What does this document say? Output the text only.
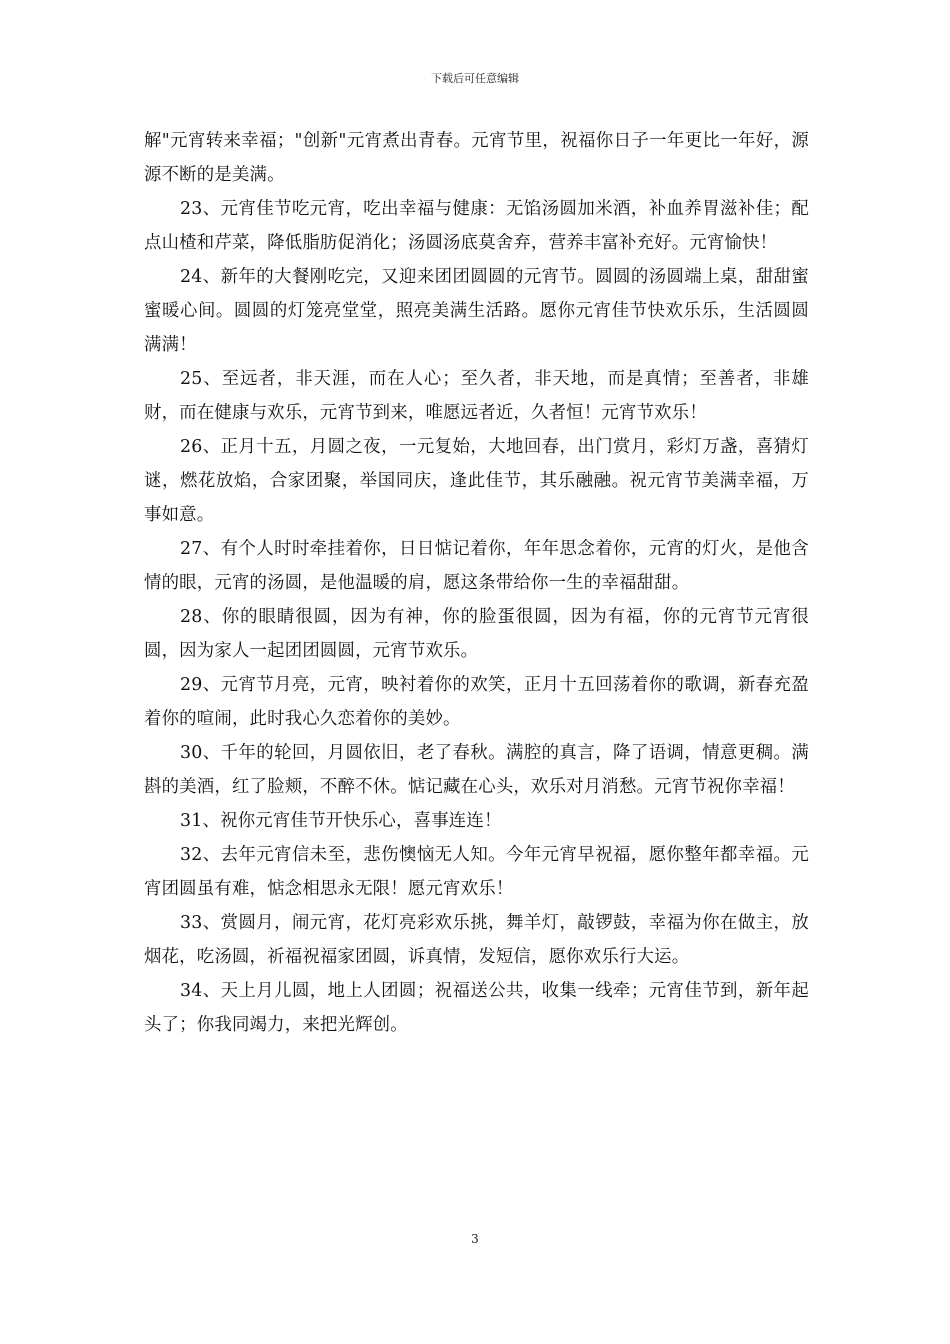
下载后可任意编辑

解"元宵转来幸福；"创新"元宵煮出青春。元宵节里，祝福你日子一年更比一年好，源源不断的是美满。

23、元宵佳节吃元宵，吃出幸福与健康：无馅汤圆加米酒，补血养胃滋补佳；配点山楂和芹菜，降低脂肪促消化；汤圆汤底莫舍弃，营养丰富补充好。元宵愉快！

24、新年的大餐刚吃完，又迎来团团圆圆的元宵节。圆圆的汤圆端上桌，甜甜蜜蜜暖心间。圆圆的灯笼亮堂堂，照亮美满生活路。愿你元宵佳节快欢乐乐，生活圆圆满满！

25、至远者，非天涯，而在人心；至久者，非天地，而是真情；至善者，非雄财，而在健康与欢乐，元宵节到来，唯愿远者近，久者恒！元宵节欢乐！

26、正月十五，月圆之夜，一元复始，大地回春，出门赏月，彩灯万盏，喜猜灯谜，燃花放焰，合家团聚，举国同庆，逢此佳节，其乐融融。祝元宵节美满幸福，万事如意。

27、有个人时时牵挂着你，日日惦记着你，年年思念着你，元宵的灯火，是他含情的眼，元宵的汤圆，是他温暖的肩，愿这条带给你一生的幸福甜甜。

28、你的眼睛很圆，因为有神，你的脸蛋很圆，因为有福，你的元宵节元宵很圆，因为家人一起团团圆圆，元宵节欢乐。

29、元宵节月亮，元宵，映衬着你的欢笑，正月十五回荡着你的歌调，新春充盈着你的喧闹，此时我心久恋着你的美妙。

30、千年的轮回，月圆依旧，老了春秋。满腔的真言，降了语调，情意更稠。满斟的美酒，红了脸颊，不醉不休。惦记藏在心头，欢乐对月消愁。元宵节祝你幸福！

31、祝你元宵佳节开快乐心，喜事连连！

32、去年元宵信未至，悲伤懊恼无人知。今年元宵早祝福，愿你整年都幸福。元宵团圆虽有难，惦念相思永无限！愿元宵欢乐！

33、赏圆月，闹元宵，花灯亮彩欢乐挑，舞羊灯，敲锣鼓，幸福为你在做主，放烟花，吃汤圆，祈福祝福家团圆，诉真情，发短信，愿你欢乐行大运。

34、天上月儿圆，地上人团圆；祝福送公共，收集一线牵；元宵佳节到，新年起头了；你我同竭力，来把光辉创。

3
